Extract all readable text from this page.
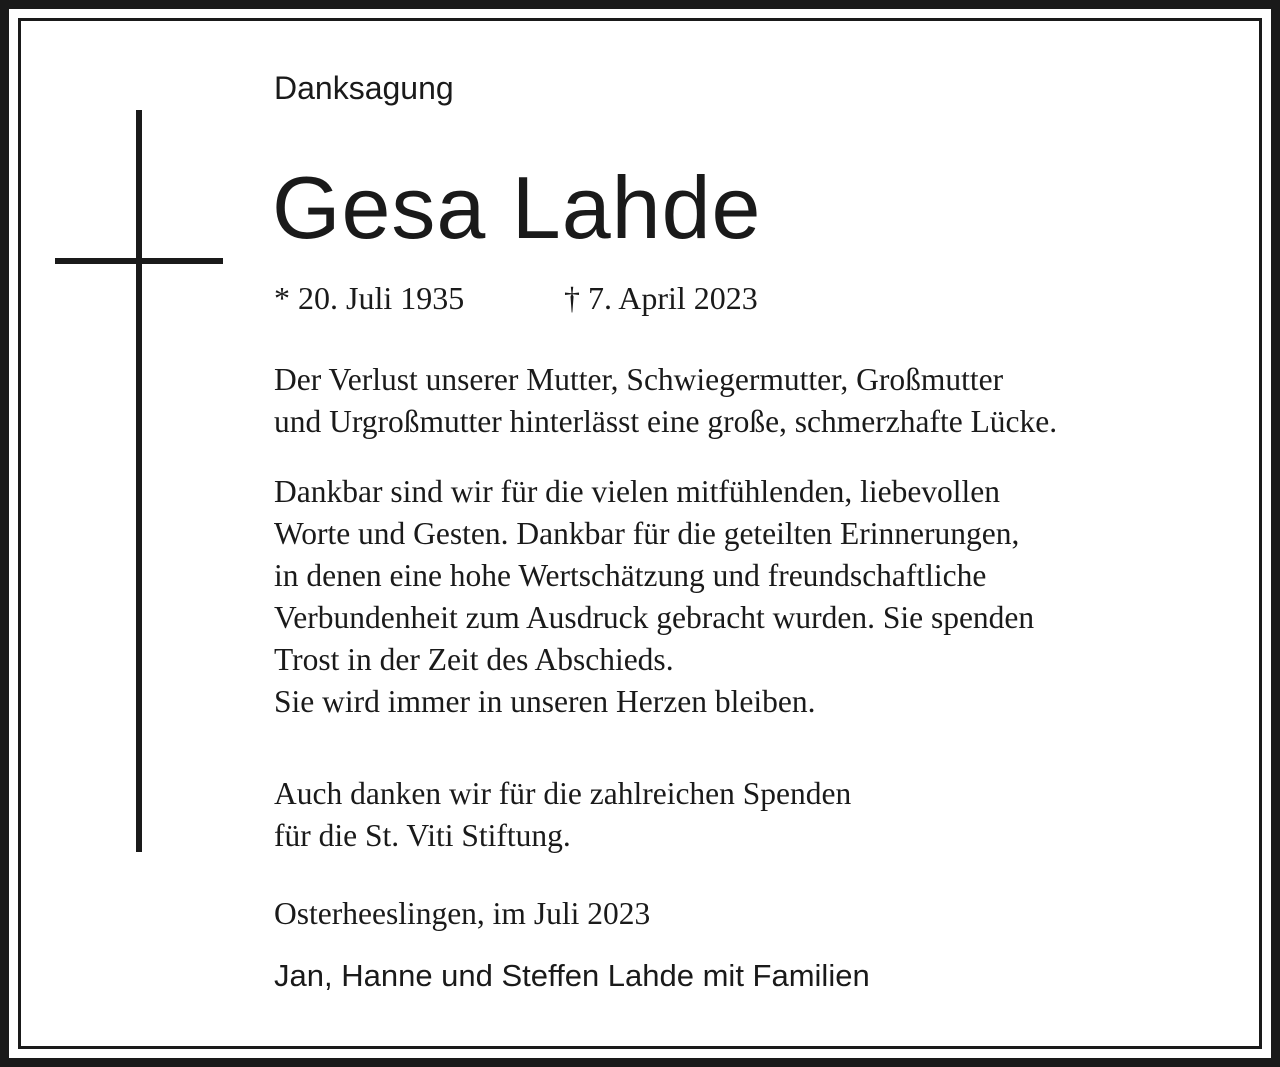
Danksagung
Gesa Lahde
* 20. Juli 1935	† 7. April 2023
Der Verlust unserer Mutter, Schwiegermutter, Großmutter
und Urgroßmutter hinterlässt eine große, schmerzhafte Lücke.
Dankbar sind wir für die vielen mitfühlenden, liebevollen
Worte und Gesten. Dankbar für die geteilten Erinnerungen,
in denen eine hohe Wertschätzung und freundschaftliche
Verbundenheit zum Ausdruck gebracht wurden. Sie spenden
Trost in der Zeit des Abschieds.
Sie wird immer in unseren Herzen bleiben.
Auch danken wir für die zahlreichen Spenden
für die St. Viti Stiftung.
Osterheeslingen, im Juli 2023
Jan, Hanne und Steffen Lahde mit Familien
